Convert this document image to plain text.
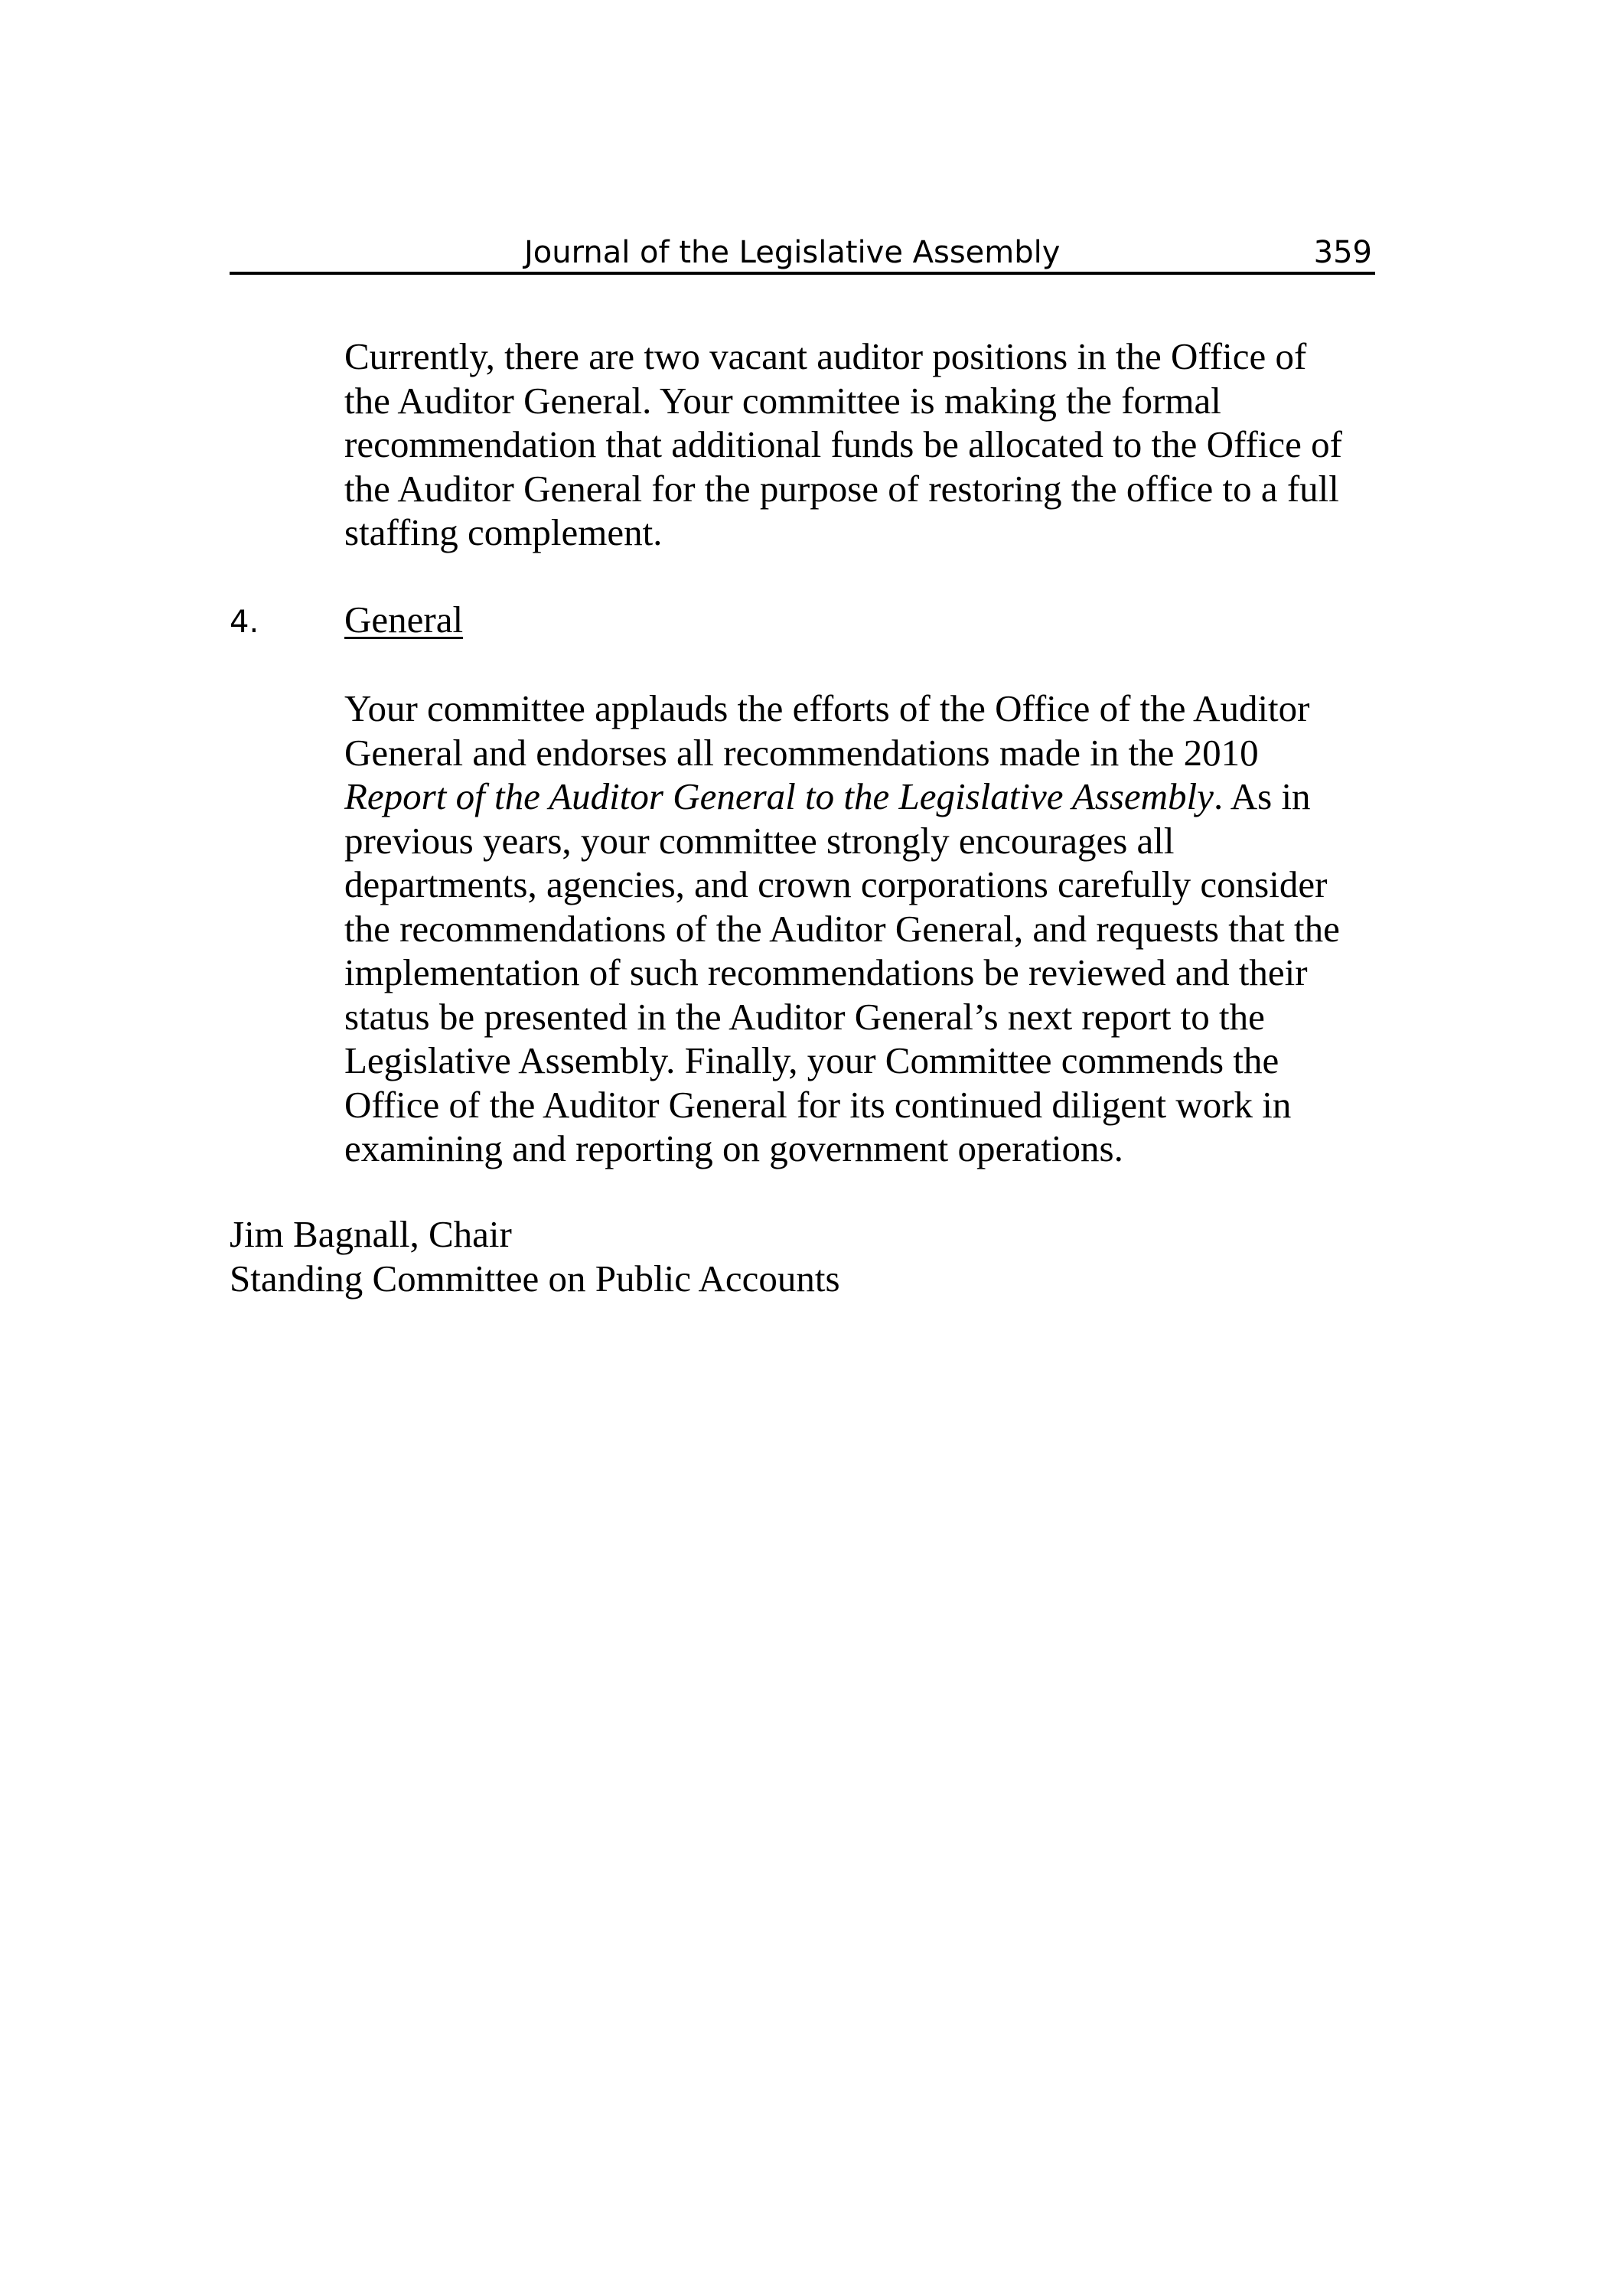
Journal of the Legislative Assembly	359
Currently, there are two vacant auditor positions in the Office of
the Auditor General. Your committee is making the formal
recommendation that additional funds be allocated to the Office of
the Auditor General for the purpose of restoring the office to a full
staffing complement.
4. General
Your committee applauds the efforts of the Office of the Auditor
General and endorses all recommendations made in the 2010
Report of the Auditor General to the Legislative Assembly. As in
previous years, your committee strongly encourages all
departments, agencies, and crown corporations carefully consider
the recommendations of the Auditor General, and requests that the
implementation of such recommendations be reviewed and their
status be presented in the Auditor General’s next report to the
Legislative Assembly. Finally, your Committee commends the
Office of the Auditor General for its continued diligent work in
examining and reporting on government operations.
Jim Bagnall, Chair
Standing Committee on Public Accounts
